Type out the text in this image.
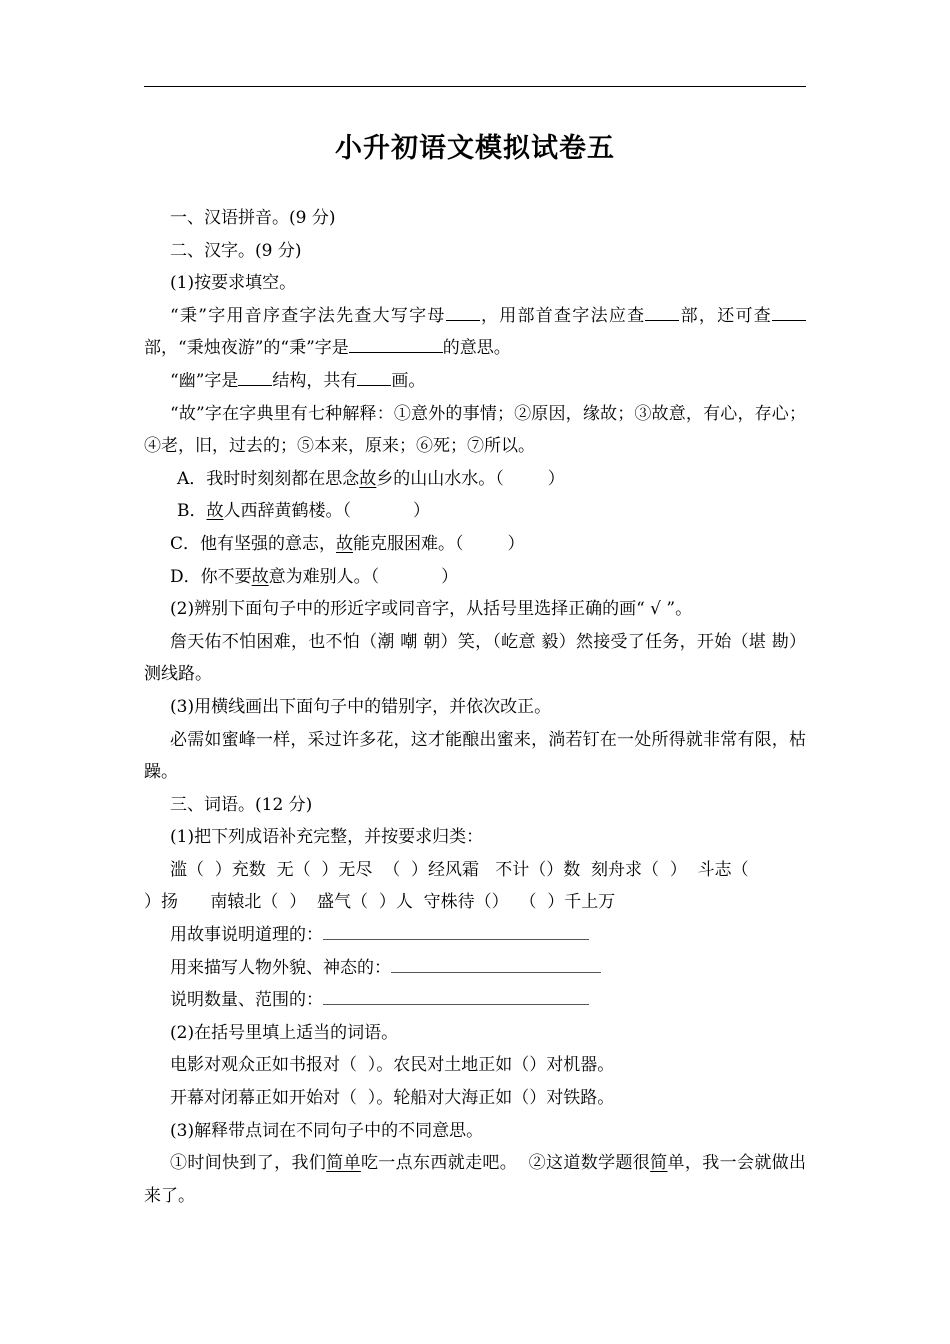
小升初语文模拟试卷五

一、汉语拼音。(9 分)

二、汉字。(9 分)

(1)按要求填空。

“秉”字用音序查字法先查大写字母 ，用部首查字法应查 部，还可查部，“秉烛夜游”的“秉”字是	的意思。

“幽”字是 结构，共有 画。

“故”字在字典里有七种解释：①意外的事情；②原因，缘故；③故意，有心，存心；④老，旧，过去的；⑤本来，原来；⑥死；⑦所以。

A．我时时刻刻都在思念故乡的山山水水。（	）

B．故人西辞黄鹤楼。（	）

C．他有坚强的意志，故能克服困难。（	）

D．你不要故意为难别人。（	）

(2)辨别下面句子中的形近字或同音字，从括号里选择正确的画“ √ ”。

詹天佑不怕困难，也不怕（潮 嘲 朝）笑，（屹意 毅）然接受了任务，开始（堪 勘）测线路。

(3)用横线画出下面句子中的错别字，并依次改正。

必需如蜜峰一样，采过许多花，这才能酿出蜜来，淌若钉在一处所得就非常有限，枯躁。

三、词语。(12 分)

(1)把下列成语补充完整，并按要求归类：

滥（  ）充数  无（  ）无尽  （  ）经风霜   不计（）数  刻舟求（  ）  斗志（

）扬      南辕北（  ）  盛气（  ）人  守株待（）  （  ）千上万

用故事说明道理的：

用来描写人物外貌、神态的：

说明数量、范围的：

(2)在括号里填上适当的词语。

电影对观众正如书报对（  ）。农民对土地正如（）对机器。

开幕对闭幕正如开始对（  ）。轮船对大海正如（）对铁路。

(3)解释带点词在不同句子中的不同意思。

①时间快到了，我们简单吃一点东西就走吧。  ②这道数学题很简单，我一会就做出来了。
